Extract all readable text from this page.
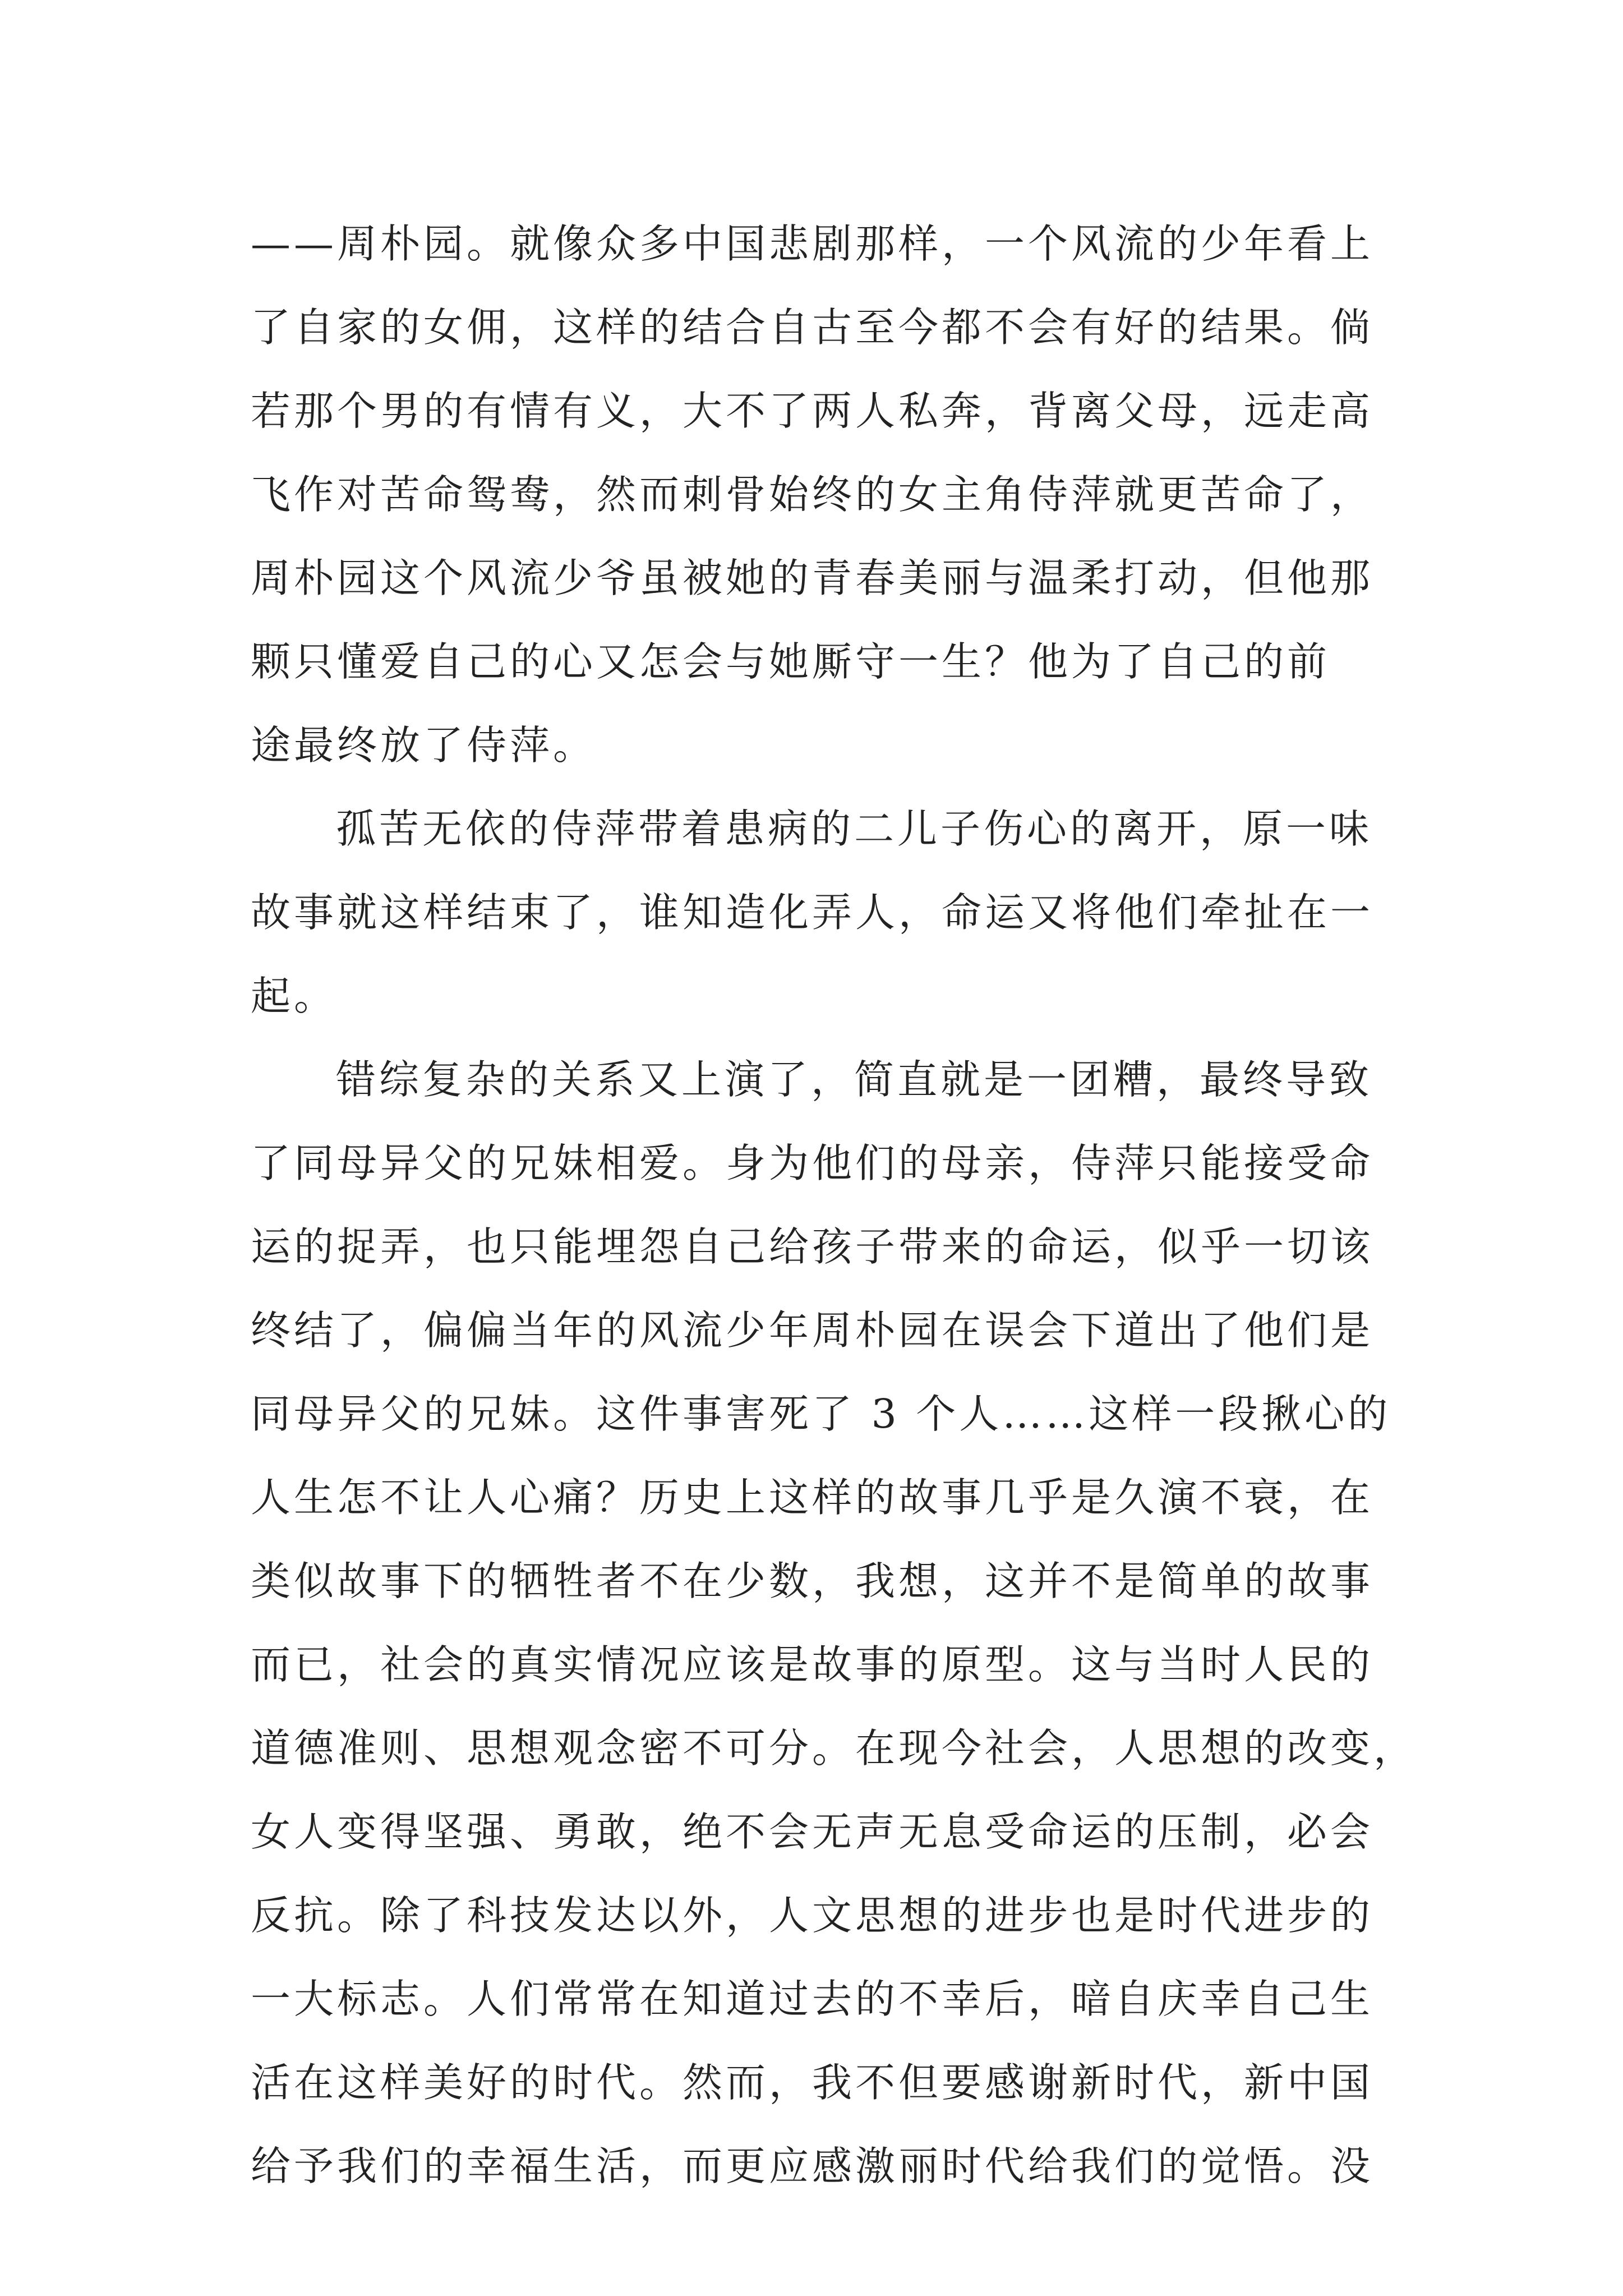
——周朴园。就像众多中国悲剧那样，一个风流的少年看上
了自家的女佣，这样的结合自古至今都不会有好的结果。倘
若那个男的有情有义，大不了两人私奔，背离父母，远走高
飞作对苦命鸳鸯，然而刺骨始终的女主角侍萍就更苦命了，
周朴园这个风流少爷虽被她的青春美丽与温柔打动，但他那
颗只懂爱自己的心又怎会与她厮守一生？他为了自己的前
途最终放了侍萍。
孤苦无依的侍萍带着患病的二儿子伤心的离开，原一味
故事就这样结束了，谁知造化弄人，命运又将他们牵扯在一
起。
错综复杂的关系又上演了，简直就是一团糟，最终导致
了同母异父的兄妹相爱。身为他们的母亲，侍萍只能接受命
运的捉弄，也只能埋怨自己给孩子带来的命运，似乎一切该
终结了，偏偏当年的风流少年周朴园在误会下道出了他们是
同母异父的兄妹。这件事害死了 3 个人……这样一段揪心的
人生怎不让人心痛？历史上这样的故事几乎是久演不衰，在
类似故事下的牺牲者不在少数，我想，这并不是简单的故事
而已，社会的真实情况应该是故事的原型。这与当时人民的
道德准则、思想观念密不可分。在现今社会，人思想的改变，
女人变得坚强、勇敢，绝不会无声无息受命运的压制，必会
反抗。除了科技发达以外，人文思想的进步也是时代进步的
一大标志。人们常常在知道过去的不幸后，暗自庆幸自己生
活在这样美好的时代。然而，我不但要感谢新时代，新中国
给予我们的幸福生活，而更应感激丽时代给我们的觉悟。没
